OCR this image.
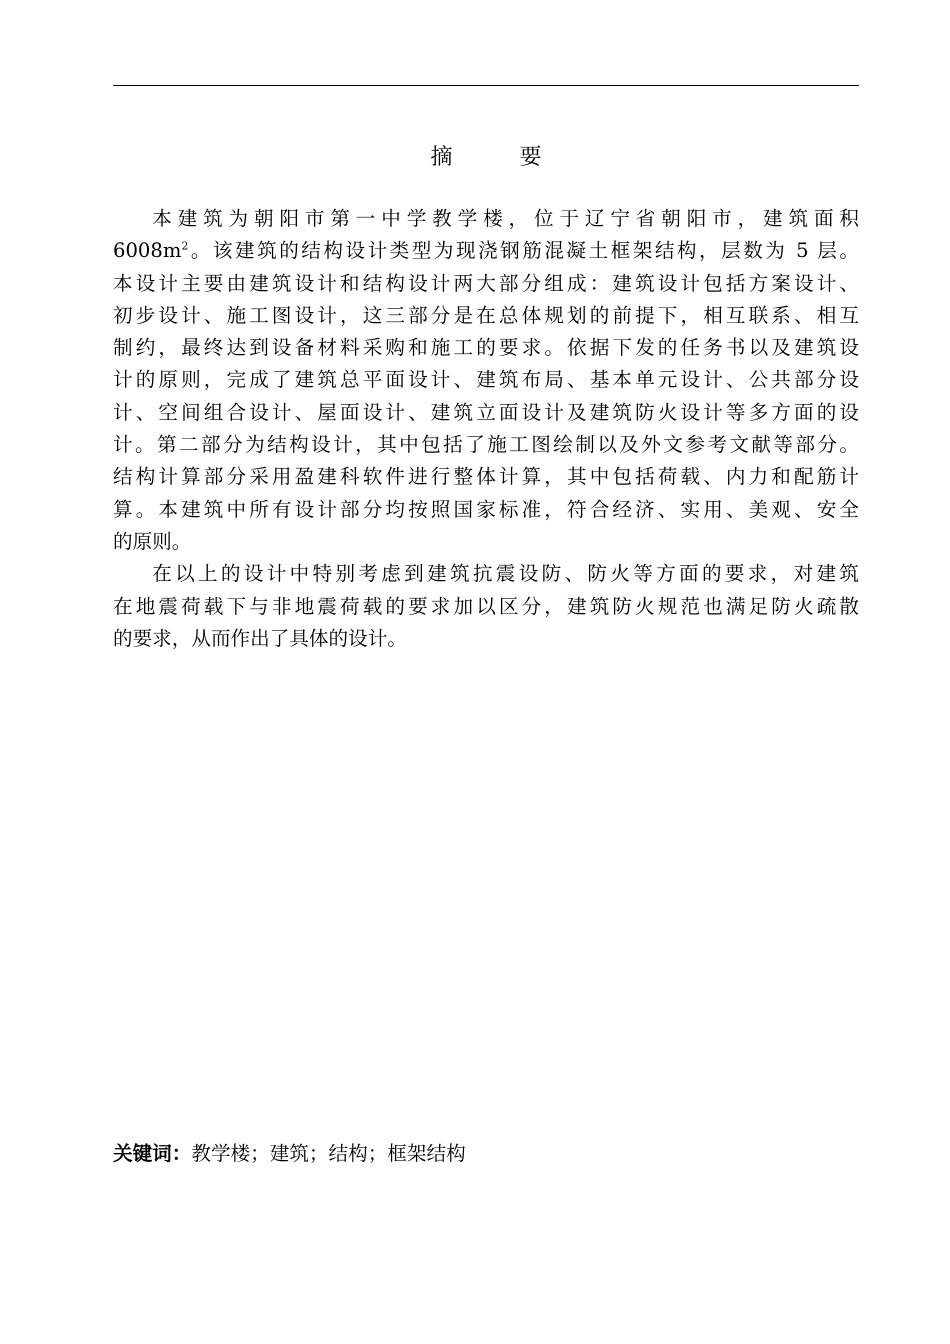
摘 要

本建筑为朝阳市第一中学教学楼，位于辽宁省朝阳市，建筑面积
$6008m^2$。该建筑的结构设计类型为现浇钢筋混凝土框架结构，层数为 5 层。
本设计主要由建筑设计和结构设计两大部分组成：建筑设计包括方案设计、
初步设计、施工图设计，这三部分是在总体规划的前提下，相互联系、相互
制约，最终达到设备材料采购和施工的要求。依据下发的任务书以及建筑设
计的原则，完成了建筑总平面设计、建筑布局、基本单元设计、公共部分设
计、空间组合设计、屋面设计、建筑立面设计及建筑防火设计等多方面的设
计。第二部分为结构设计，其中包括了施工图绘制以及外文参考文献等部分。
结构计算部分采用盈建科软件进行整体计算，其中包括荷载、内力和配筋计
算。本建筑中所有设计部分均按照国家标准，符合经济、实用、美观、安全
的原则。

在以上的设计中特别考虑到建筑抗震设防、防火等方面的要求，对建筑
在地震荷载下与非地震荷载的要求加以区分，建筑防火规范也满足防火疏散
的要求，从而作出了具体的设计。

关键词：教学楼；建筑；结构；框架结构
